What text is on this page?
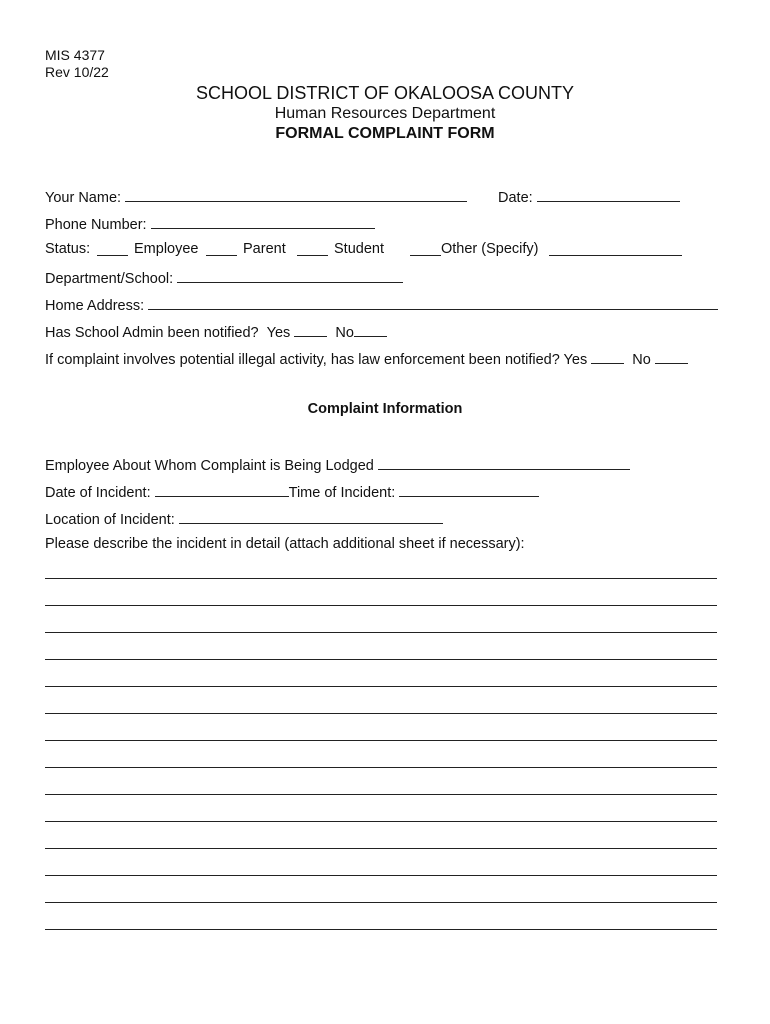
MIS 4377
Rev 10/22
SCHOOL DISTRICT OF OKALOOSA COUNTY
Human Resources Department
FORMAL COMPLAINT FORM
Your Name:	Date:
Phone Number:
Status:	Employee	Parent	Student	Other (Specify)
Department/School:
Home Address:
Has School Admin been notified? Yes	No
If complaint involves potential illegal activity, has law enforcement been notified? Yes	No
Complaint Information
Employee About Whom Complaint is Being Lodged
Date of Incident:	Time of Incident:
Location of Incident:
Please describe the incident in detail (attach additional sheet if necessary):
